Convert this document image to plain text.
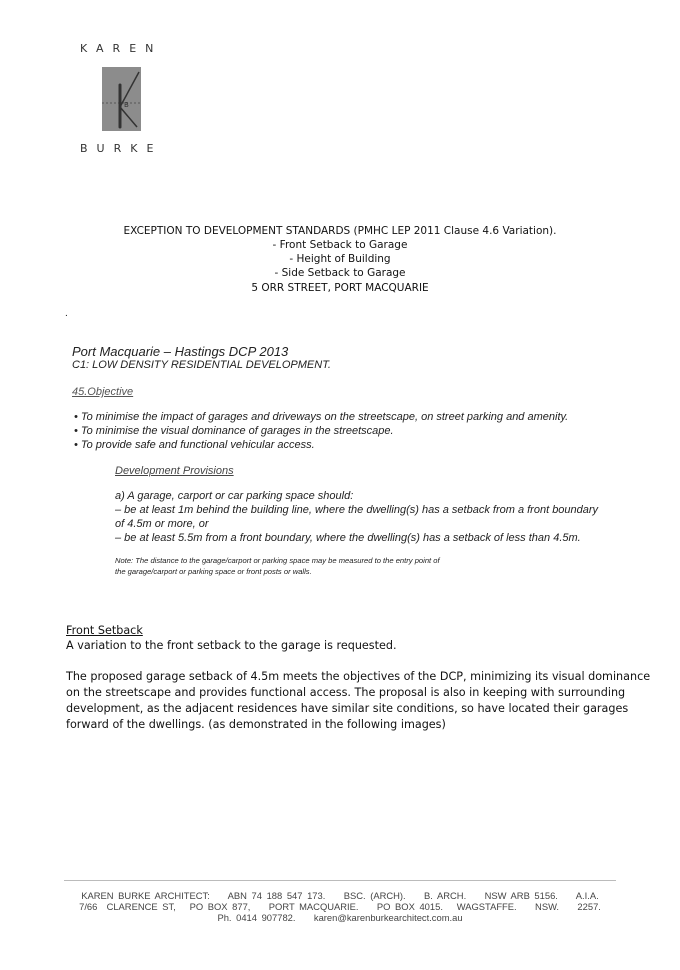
KAREN
B
BURKE
EXCEPTION TO DEVELOPMENT STANDARDS (PMHC LEP 2011 Clause 4.6 Variation).
- Front Setback to Garage
- Height of Building
- Side Setback to Garage
5 ORR STREET, PORT MACQUARIE
.
Port Macquarie – Hastings DCP 2013
C1: LOW DENSITY RESIDENTIAL DEVELOPMENT.
45.Objective
• To minimise the impact of garages and driveways on the streetscape, on street parking and amenity.
• To minimise the visual dominance of garages in the streetscape.
• To provide safe and functional vehicular access.
Development Provisions
a) A garage, carport or car parking space should:
– be at least 1m behind the building line, where the dwelling(s) has a setback from a front boundary
of 4.5m or more, or
– be at least 5.5m from a front boundary, where the dwelling(s) has a setback of less than 4.5m.
Note: The distance to the garage/carport or parking space may be measured to the entry point of
the garage/carport or parking space or front posts or walls.
Front Setback
A variation to the front setback to the garage is requested.
The proposed garage setback of 4.5m meets the objectives of the DCP, minimizing its visual dominance
on the streetscape and provides functional access. The proposal is also in keeping with surrounding
development, as the adjacent residences have similar site conditions, so have located their garages
forward of the dwellings. (as demonstrated in the following images)
KAREN BURKE ARCHITECT:    ABN 74 188 547 173.    BSC. (ARCH).    B. ARCH.    NSW ARB 5156.    A.I.A.
7/66  CLARENCE ST,   PO BOX 877,    PORT MACQUARIE.    PO BOX 4015.   WAGSTAFFE.    NSW.    2257.
Ph. 0414 907782.    karen@karenburkearchitect.com.au
